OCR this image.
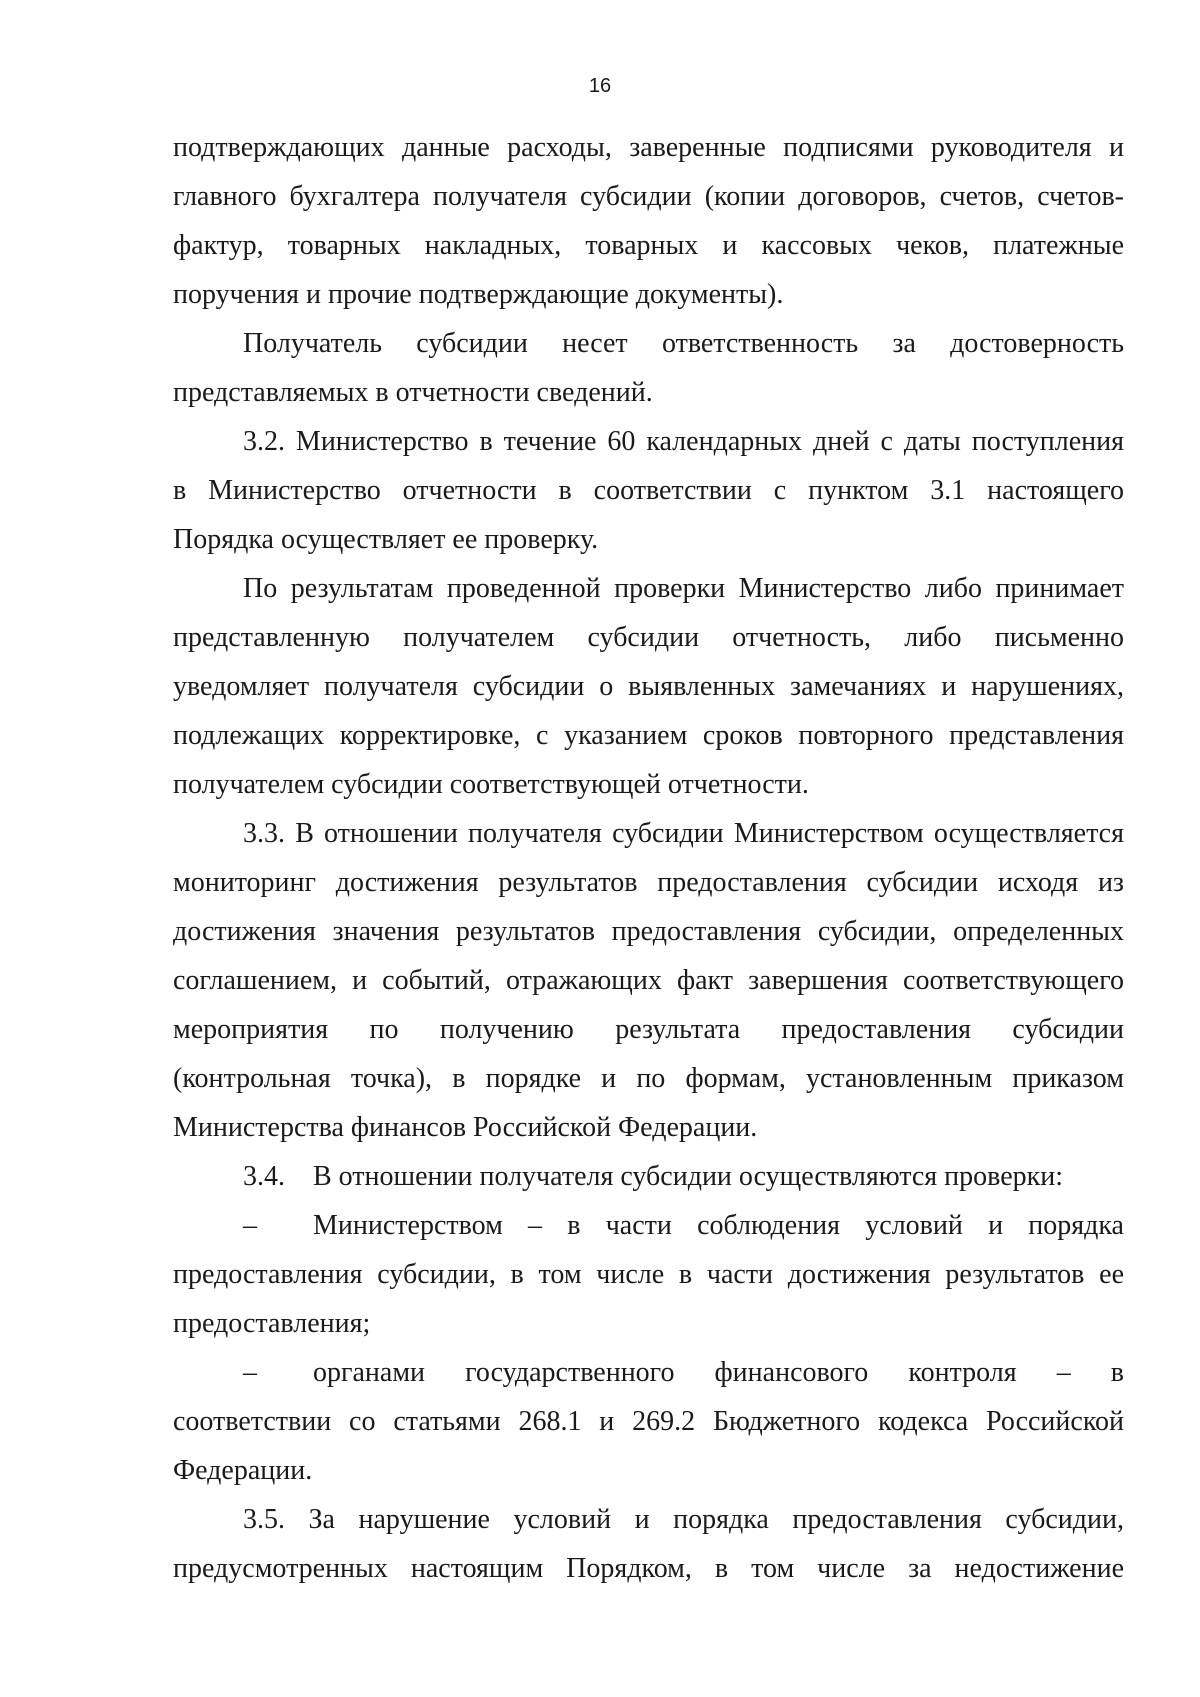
16
подтверждающих данные расходы, заверенные подписями руководителя и
главного бухгалтера получателя субсидии (копии договоров, счетов, счетов-
фактур, товарных накладных, товарных и кассовых чеков, платежные
поручения и прочие подтверждающие документы).
Получатель субсидии несет ответственность за достоверность
представляемых в отчетности сведений.
3.2. Министерство в течение 60 календарных дней с даты поступления
в Министерство отчетности в соответствии с пунктом 3.1 настоящего
Порядка осуществляет ее проверку.
По результатам проведенной проверки Министерство либо принимает
представленную получателем субсидии отчетность, либо письменно
уведомляет получателя субсидии о выявленных замечаниях и нарушениях,
подлежащих корректировке, с указанием сроков повторного представления
получателем субсидии соответствующей отчетности.
3.3. В отношении получателя субсидии Министерством осуществляется
мониторинг достижения результатов предоставления субсидии исходя из
достижения значения результатов предоставления субсидии, определенных
соглашением, и событий, отражающих факт завершения соответствующего
мероприятия по получению результата предоставления субсидии
(контрольная точка), в порядке и по формам, установленным приказом
Министерства финансов Российской Федерации.
3.4. В отношении получателя субсидии осуществляются проверки:
–	Министерством – в части соблюдения условий и порядка
предоставления субсидии, в том числе в части достижения результатов ее
предоставления;
–	органами государственного финансового контроля – в
соответствии со статьями 268.1 и 269.2 Бюджетного кодекса Российской
Федерации.
3.5. За нарушение условий и порядка предоставления субсидии,
предусмотренных настоящим Порядком, в том числе за недостижение
